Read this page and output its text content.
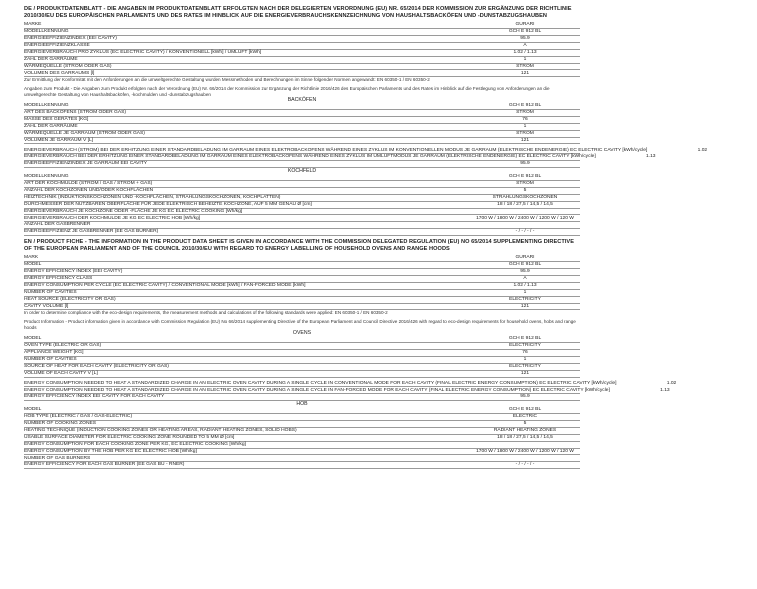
DE / PRODUKTDATENBLATT - DIE ANGABEN IM PRODUKTDATENBLATT ERFOLGTEN NACH DER DELEGIERTEN VERORDNUNG (EU) NR. 65/2014 DER KOMMISSION ZUR ERGÄNZUNG DER RICHTLINIE 2010/30/EU DES EUROPÄISCHEN PARLAMENTS UND DES RATES IM HINBLICK AUF DIE ENERGIEVERBRAUCHSKENNZEICHNUNG VON HAUSHALTSBACKÖFEN UND -DUNSTABZUGSHAUBEN
MARKE	GURARI
MODELLKENNUNG	GCH E 912 BL
ENERGIEEFFIZIENZINDEX (EEI CAVITY)	95.9
ENERGIEEFFIZIENZKLASSE	A
ENERGIEVERBRAUCH PRO ZYKLUS (EC ELECTRIC CAVITY) / KONVENTIONELL [kWh] / UMLUFT [kWh]	1.02 / 1.13
ZAHL DER GARRÄUME	1
WÄRMEQUELLE (STROM ODER GAS)	STROM
VOLUMEN DES GARRAUMS [l]	121
Zur Ermittlung der Konformität mit den Anforderungen an die umweltgerechte Gestaltung wurden Messmethoden und Berechnungen im Sinne folgender Normen angewandt: EN 60350-1 / EN 60350-2
Angaben zum Produkt - Die Angaben zum Produkt erfolgten nach der Verordnung (EU) Nr. 66/2014 der Kommission zur Ergänzung der Richtlinie 2016/426 des Europäischen Parlaments und des Rates im Hinblick auf die Festlegung von Anforderungen an die umweltgerechte Gestaltung von Haushaltsbacköfen, -kochmulden und -dunstabzugshauben
BACKÖFEN
MODELLKENNUNG	GCH E 912 BL
ART DES BACKOFENS (STROM ODER GAS)	STROM
MASSE DES GERÄTES [KG]	76
ZAHL DER GARRÄUME	1
WÄRMEQUELLE JE GARRAUM (STROM ODER GAS)	STROM
VOLUMEN JE GARRAUM V [L]	121
ENERGIEVERBRAUCH (STROM) BEI DER ERHITZUNG EINER STANDARDBELADUNG IM GARRAUM EINES ELEKTROBACKOFENS WÄHREND EINES ZYKLUS IM KONVENTIONELLEN MODUS JE GARRAUM (ELEKTRISCHE ENDENERGIE) EC ELECTRIC CAVITY [kWh/cycle]	1.02
ENERGIEVERBRAUCH BEI DER ERHITZUNG EINER STANDARDBELADUNG IM GARRAUM EINES ELEKTROBACKOFENS WÄHREND EINES ZYKLUS IM UMLUFTMODUS JE GARRAUM (ELEKTRISCHE ENDENERGIE) EC ELECTRIC CAVITY [kWh/cycle]	1.13
ENERGIEEFFIZIENZINDEX JE GARRAUM EEI CAVITY	95.9
KOCHFELD
MODELLKENNUNG	GCH E 912 BL
ART DER KOCHMULDE (STROM / GAS / STROM + GAS)	STROM
ANZAHL DER KOCHZONEN UND/ODER KOCHFLÄCHEN	5
HEIZTECHNIK (INDUKTIONSKOCHZONEN UND -KOCHFLÄCHEN, STRAHLUNGSKOCHZONEN, KOCHPLATTEN)	STRAHLUNGSKOCHZONEN
DURCHMESSER DER NUTZBAREN OBERFLÄCHE FÜR JEDE ELEKTRISCH BEHEIZTE KOCHZONE, AUF 5 MM GENAU Ø [cm]	18 / 18 / 27,5 / 14,5 / 14,5
ENERGIEVERBRAUCH JE KOCHZONE ODER -FLÄCHE JE KG EC ELECTRIC COOKING [Wh/kg]
ENERGIEVERBRAUCH DER KOCHMULDE JE KG EC ELECTRIC HOB [Wh/kg]	1700 W / 1800 W / 2400 W / 1200 W / 120 W
ANZAHL DER GASBRENNER
ENERGIEEFFIZIENZ JE GASBRENNER (EE GAS BURNER)	- / - / - / -
EN / PRODUCT FICHE - THE INFORMATION IN THE PRODUCT DATA SHEET IS GIVEN IN ACCORDANCE WITH THE COMMISSION DELEGATED REGULATION (EU) NO 65/2014 SUPPLEMENTING DIRECTIVE OF THE EUROPEAN PARLIAMENT AND OF THE COUNCIL 2010/30/EU WITH REGARD TO ENERGY LABELLING OF HOUSEHOLD OVENS AND RANGE HOODS
MARK	GURARI
MODEL	GCH E 912 BL
ENERGY EFFICIENCY INDEX (EEI CAVITY)	95.9
ENERGY EFFICIENCY CLASS	A
ENERGY CONSUMPTION PER CYCLE (EC ELECTRIC CAVITY) / CONVENTIONAL MODE [kWh] / FAN-FORCED MODE [kWh]	1.02 / 1.13
NUMBER OF CAVITIES	1
HEAT SOURCE (ELECTRICITY OR GAS)	ELECTRICITY
CAVITY VOLUME [l]	121
In order to determine compliance with the eco-design requirements, the measurement methods and calculations of the following standards were applied: EN 60350-1 / EN 60350-2
Product Information - Product information given in accordance with Commission Regulation (EU) No 66/2014 supplementing Directive of the European Parliament and Council Directive 2016/426 with regard to eco-design requirements for household ovens, hobs and range hoods
OVENS
MODEL	GCH E 912 BL
OVEN TYPE (ELECTRIC OR GAS)	ELECTRICITY
APPLIANCE WEIGHT [KG]	76
NUMBER OF CAVITIES	1
SOURCE OF HEAT FOR EACH CAVITY (ELECTRICITY OR GAS)	ELECTRICITY
VOLUME OF EACH CAVITY V [L]	121
ENERGY CONSUMPTION NEEDED TO HEAT A STANDARDIZED CHARGE IN AN ELECTRIC OVEN CAVITY DURING A SINGLE CYCLE IN CONVENTIONAL MODE FOR EACH CAVITY (FINAL ELECTRIC ENERGY CONSUMPTION) EC ELECTRIC CAVITY [kWh/cycle]	1.02
ENERGY CONSUMPTION NEEDED TO HEAT A STANDARDIZED CHARGE IN AN ELECTRIC OVEN CAVITY DURING A SINGLE CYCLE IN FAN-FORCED MODE FOR EACH CAVITY (FINAL ELECTRIC ENERGY CONSUMPTION) EC ELECTRIC CAVITY [kWh/cycle]	1.13
ENERGY EFFICIENCY INDEX EEI CAVITY FOR EACH CAVITY	95.9
HOB
MODEL	GCH E 912 BL
HOB TYPE (ELECTRIC / GAS / GAS-ELECTRIC)	ELECTRIC
NUMBER OF COOKING ZONES	5
HEATING TECHNIQUE (INDUCTION COOKING ZONES OR HEATING AREAS, RADIANT HEATING ZONES, SOLID HOBS)	RADIANT HEATING ZONES
USABLE SURFACE DIAMETER FOR ELECTRIC COOKING ZONE ROUNDED TO 5 MM Ø [cm]	18 / 18 / 27,5 / 14,5 / 14,5
ENERGY CONSUMPTION FOR EACH COOKING ZONE PER KG, EC ELECTRIC COOKING [Wh/kg]
ENERGY CONSUMPTION BY THE HOB PER KG EC ELECTRIC HOB [Wh/kg]	1700 W / 1800 W / 2400 W / 1200 W / 120 W
NUMBER OF GAS BURNERS
ENERGY EFFICIENCY FOR EACH GAS BURNER (EE GAS BU - RNER)	- / - / - / -
